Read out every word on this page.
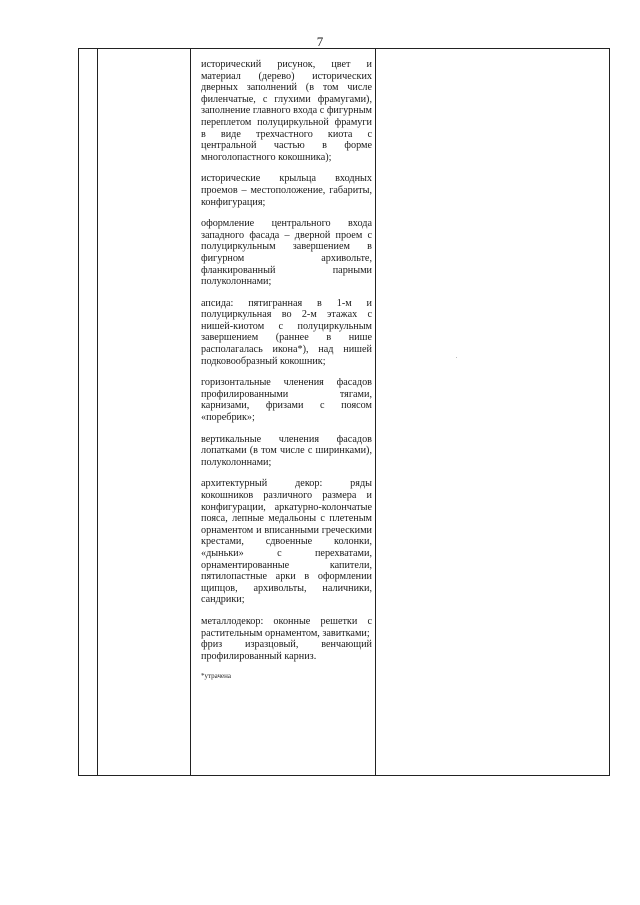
7

исторический рисунок, цвет и материал (дерево) исторических дверных заполнений (в том числе филенчатые, с глухими фрамугами), заполнение главного входа с фигурным переплетом полуциркульной фрамуги в виде трехчастного киота с центральной частью в форме многолопастного кокошника);

исторические крыльца входных проемов – местоположение, габариты, конфигурация;

оформление центрального входа западного фасада – дверной проем с полуциркульным завершением в фигурном архивольте, фланкированный парными полуколоннами;

апсида: пятигранная в 1-м и полуциркульная во 2-м этажах с нишей-киотом с полуциркульным завершением (раннее в нише располагалась икона*), над нишей подковообразный кокошник;

горизонтальные членения фасадов профилированными тягами, карнизами, фризами с поясом «поребрик»;

вертикальные членения фасадов лопатками (в том числе с ширинками), полуколоннами;

архитектурный декор: ряды кокошников различного размера и конфигурации, аркатурно-колончатые пояса, лепные медальоны с плетеным орнаментом и вписанными греческими крестами, сдвоенные колонки, «дыньки» с перехватами, орнаментированные капители, пятилопастные арки в оформлении щипцов, архивольты, наличники, сандрики;

металлодекор: оконные решетки с растительным орнаментом, завитками;

фриз изразцовый, венчающий профилированный карниз.

*утрачена
